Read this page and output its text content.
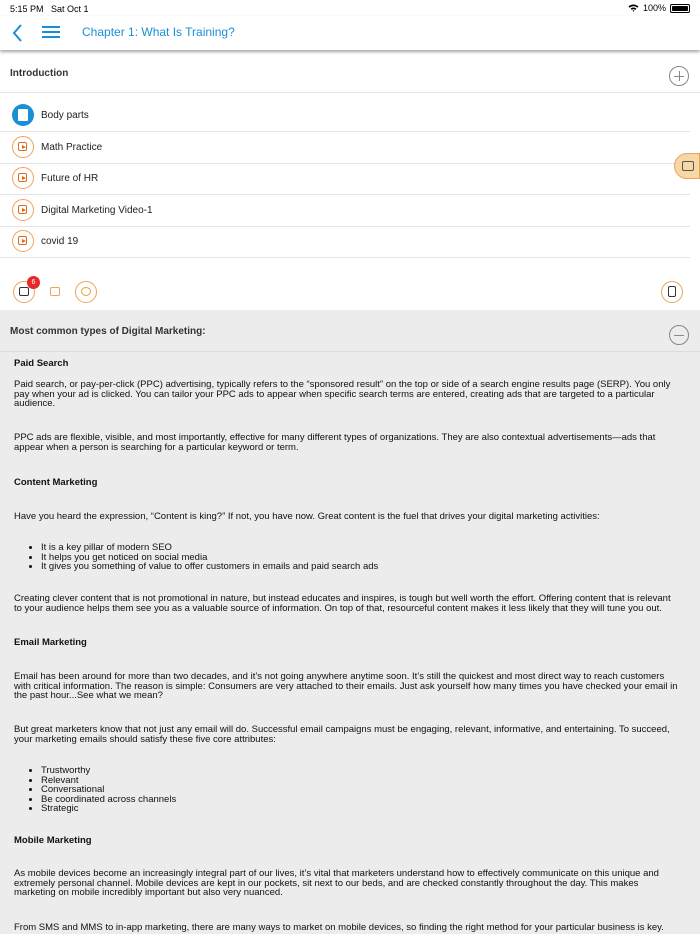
5:15 PM Sat Oct 1	100%
Chapter 1: What Is Training?
Introduction
Body parts
Math Practice
Future of HR
Digital Marketing Video-1
covid 19
6
Most common types of Digital Marketing:
Paid Search
Paid search, or pay-per-click (PPC) advertising, typically refers to the “sponsored result” on the top or side of a search engine results page (SERP). You only pay when your ad is clicked. You can tailor your PPC ads to appear when specific search terms are entered, creating ads that are targeted to a particular audience.
PPC ads are flexible, visible, and most importantly, effective for many different types of organizations. They are also contextual advertisements—ads that appear when a person is searching for a particular keyword or term.
Content Marketing
Have you heard the expression, “Content is king?” If not, you have now. Great content is the fuel that drives your digital marketing activities:
• It is a key pillar of modern SEO
• It helps you get noticed on social media
• It gives you something of value to offer customers in emails and paid search ads
Creating clever content that is not promotional in nature, but instead educates and inspires, is tough but well worth the effort. Offering content that is relevant to your audience helps them see you as a valuable source of information. On top of that, resourceful content makes it less likely that they will tune you out.
Email Marketing
Email has been around for more than two decades, and it’s not going anywhere anytime soon. It’s still the quickest and most direct way to reach customers with critical information. The reason is simple: Consumers are very attached to their emails. Just ask yourself how many times you have checked your email in the past hour...See what we mean?
But great marketers know that not just any email will do. Successful email campaigns must be engaging, relevant, informative, and entertaining. To succeed, your marketing emails should satisfy these five core attributes:
• Trustworthy
• Relevant
• Conversational
• Be coordinated across channels
• Strategic
Mobile Marketing
As mobile devices become an increasingly integral part of our lives, it’s vital that marketers understand how to effectively communicate on this unique and extremely personal channel. Mobile devices are kept in our pockets, sit next to our beds, and are checked constantly throughout the day. This makes marketing on mobile incredibly important but also very nuanced.
From SMS and MMS to in-app marketing, there are many ways to market on mobile devices, so finding the right method for your particular business is key.
